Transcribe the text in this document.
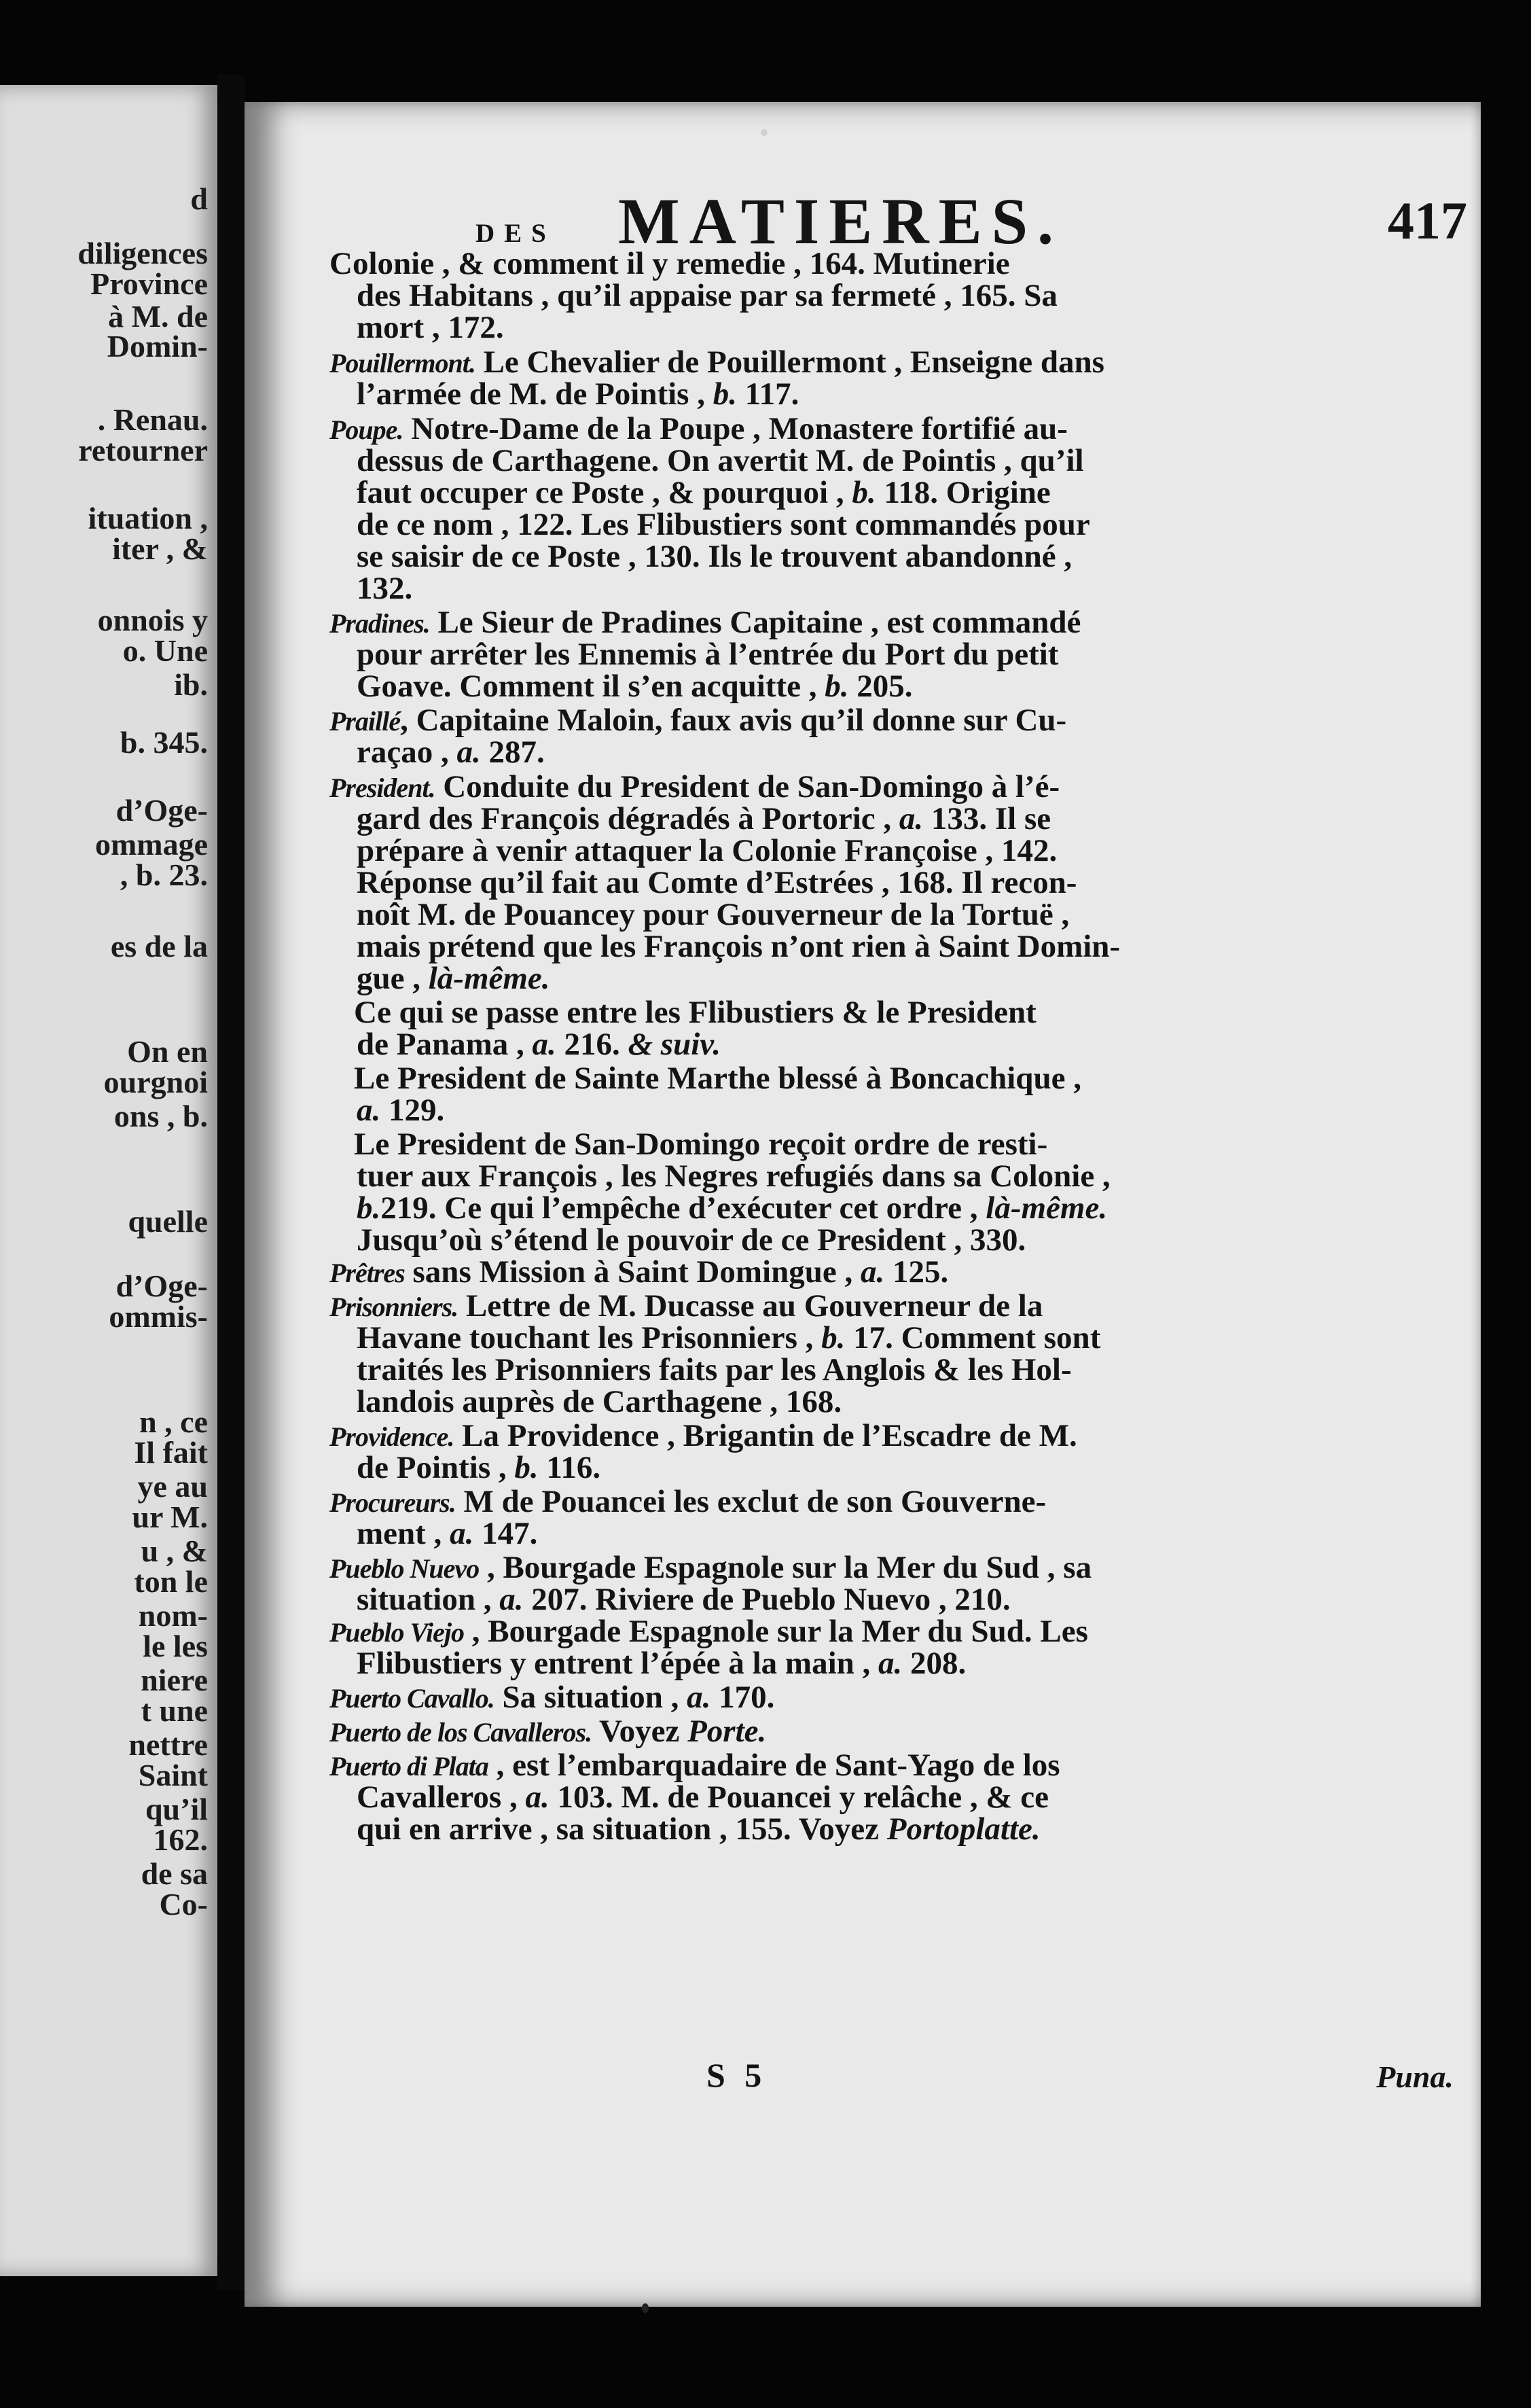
d
diligences
Province
à M. de
Domin-
. Renau.
retourner
ituation ,
iter , &
onnois y
o. Une
ib.
b. 345.
d’Oge-
ommage
, b. 23.
es de la
On en
ourgnoi
ons , b.
quelle
d’Oge-
ommis-
n , ce
Il fait
ye au
ur M.
u , &
ton le
nom-
le les
niere
t une
nettre
Saint
qu’il
162.
de sa
Co-
des MATIERES.	417
Colonie , & comment il y remedie , 164. Mutinerie
des Habitans , qu’il appaise par sa fermeté , 165. Sa
mort , 172.
Pouillermont. Le Chevalier de Pouillermont , Enseigne dans
l’armée de M. de Pointis , b. 117.
Poupe. Notre-Dame de la Poupe , Monastere fortifié au-
dessus de Carthagene. On avertit M. de Pointis , qu’il
faut occuper ce Poste , & pourquoi , b. 118. Origine
de ce nom , 122. Les Flibustiers sont commandés pour
se saisir de ce Poste , 130. Ils le trouvent abandonné ,
132.
Pradines. Le Sieur de Pradines Capitaine , est commandé
pour arrêter les Ennemis à l’entrée du Port du petit
Goave. Comment il s’en acquitte , b. 205.
Praillé, Capitaine Maloin, faux avis qu’il donne sur Cu-
raçao , a. 287.
President. Conduite du President de San-Domingo à l’é-
gard des François dégradés à Portoric , a. 133. Il se
prépare à venir attaquer la Colonie Françoise , 142.
Réponse qu’il fait au Comte d’Estrées , 168. Il recon-
noît M. de Pouancey pour Gouverneur de la Tortuë ,
mais prétend que les François n’ont rien à Saint Domin-
gue , là-même.
Ce qui se passe entre les Flibustiers & le President
de Panama , a. 216. & suiv.
Le President de Sainte Marthe blessé à Boncachique ,
a. 129.
Le President de San-Domingo reçoit ordre de resti-
tuer aux François , les Negres refugiés dans sa Colonie ,
b.219. Ce qui l’empêche d’exécuter cet ordre , là-même.
Jusqu’où s’étend le pouvoir de ce President , 330.
Prêtres sans Mission à Saint Domingue , a. 125.
Prisonniers. Lettre de M. Ducasse au Gouverneur de la
Havane touchant les Prisonniers , b. 17. Comment sont
traités les Prisonniers faits par les Anglois & les Hol-
landois auprès de Carthagene , 168.
Providence. La Providence , Brigantin de l’Escadre de M.
de Pointis , b. 116.
Procureurs. M de Pouancei les exclut de son Gouverne-
ment , a. 147.
Pueblo Nuevo , Bourgade Espagnole sur la Mer du Sud , sa
situation , a. 207. Riviere de Pueblo Nuevo , 210.
Pueblo Viejo , Bourgade Espagnole sur la Mer du Sud. Les
Flibustiers y entrent l’épée à la main , a. 208.
Puerto Cavallo. Sa situation , a. 170.
Puerto de los Cavalleros. Voyez Porte.
Puerto di Plata , est l’embarquadaire de Sant-Yago de los
Cavalleros , a. 103. M. de Pouancei y relâche , & ce
qui en arrive , sa situation , 155. Voyez Portoplatte.
S 5	Puna.
